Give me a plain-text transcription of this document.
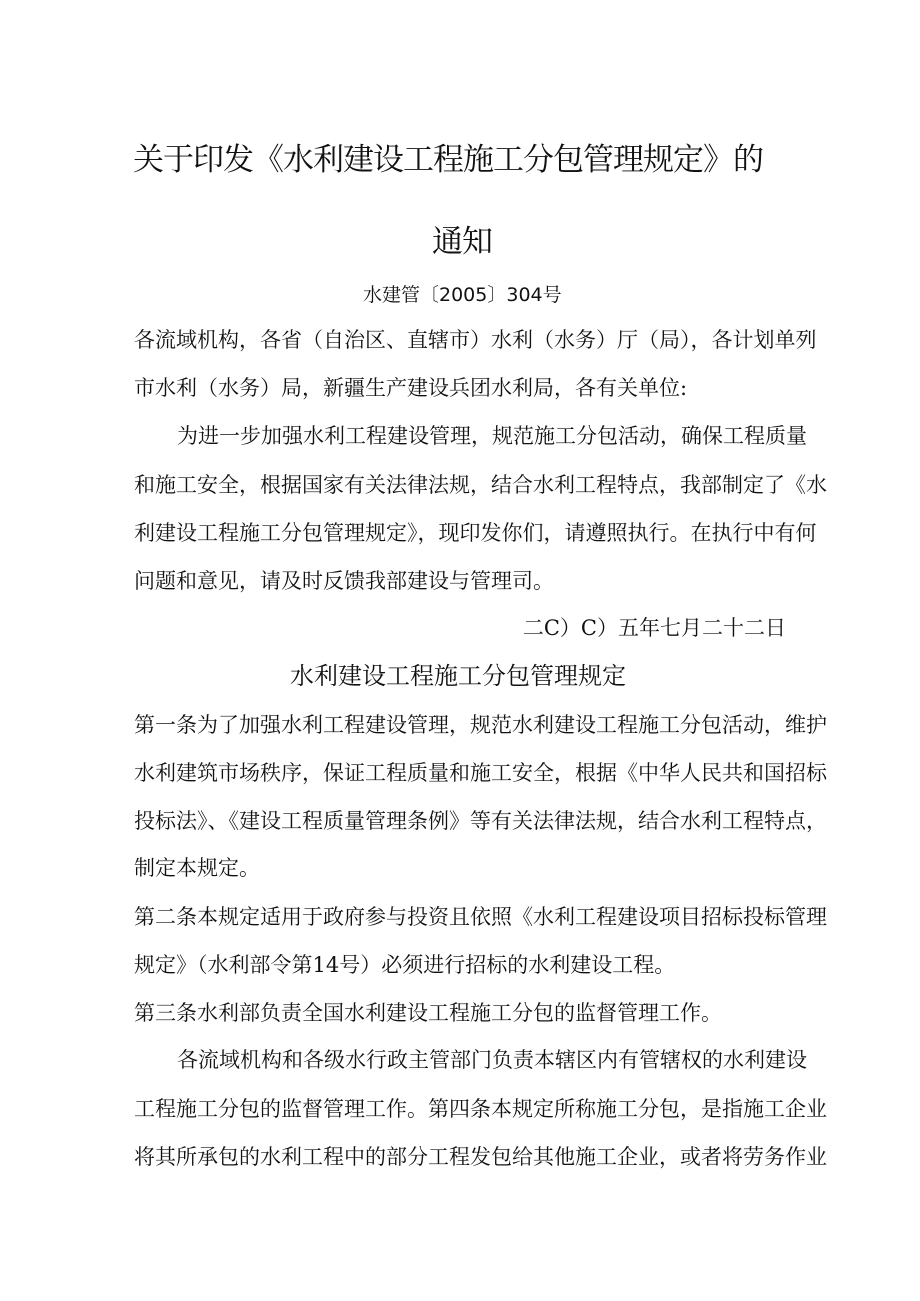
关于印发《水利建设工程施工分包管理规定》的
通知
水建管〔2005〕304号
各流域机构，各省（自治区、直辖市）水利（水务）厅（局），各计划单列
市水利（水务）局，新疆生产建设兵团水利局，各有关单位:
为进一步加强水利工程建设管理，规范施工分包活动，确保工程质量
和施工安全，根据国家有关法律法规，结合水利工程特点，我部制定了《水
利建设工程施工分包管理规定》，现印发你们，请遵照执行。在执行中有何
问题和意见，请及时反馈我部建设与管理司。
二C）C）五年七月二十二日
水利建设工程施工分包管理规定
第一条为了加强水利工程建设管理，规范水利建设工程施工分包活动，维护
水利建筑市场秩序，保证工程质量和施工安全，根据《中华人民共和国招标
投标法》、《建设工程质量管理条例》等有关法律法规，结合水利工程特点，
制定本规定。
第二条本规定适用于政府参与投资且依照《水利工程建设项目招标投标管理
规定》（水利部令第14号）必须进行招标的水利建设工程。
第三条水利部负责全国水利建设工程施工分包的监督管理工作。
各流域机构和各级水行政主管部门负责本辖区内有管辖权的水利建设
工程施工分包的监督管理工作。第四条本规定所称施工分包，是指施工企业
将其所承包的水利工程中的部分工程发包给其他施工企业，或者将劳务作业
